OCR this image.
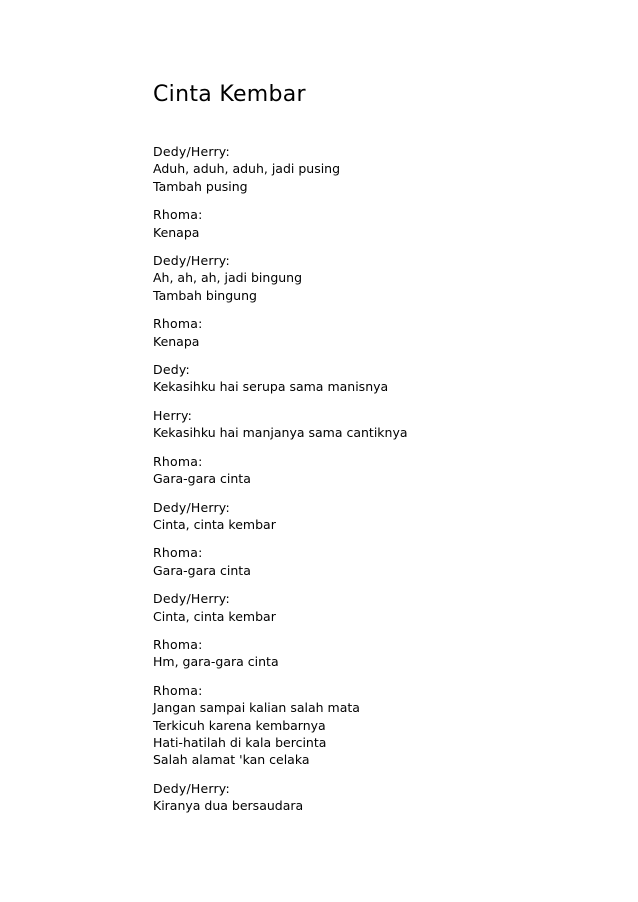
Cinta Kembar
Dedy/Herry:
Aduh, aduh, aduh, jadi pusing
Tambah pusing
Rhoma:
Kenapa
Dedy/Herry:
Ah, ah, ah, jadi bingung
Tambah bingung
Rhoma:
Kenapa
Dedy:
Kekasihku hai serupa sama manisnya
Herry:
Kekasihku hai manjanya sama cantiknya
Rhoma:
Gara-gara cinta
Dedy/Herry:
Cinta, cinta kembar
Rhoma:
Gara-gara cinta
Dedy/Herry:
Cinta, cinta kembar
Rhoma:
Hm, gara-gara cinta
Rhoma:
Jangan sampai kalian salah mata
Terkicuh karena kembarnya
Hati-hatilah di kala bercinta
Salah alamat 'kan celaka
Dedy/Herry:
Kiranya dua bersaudara
